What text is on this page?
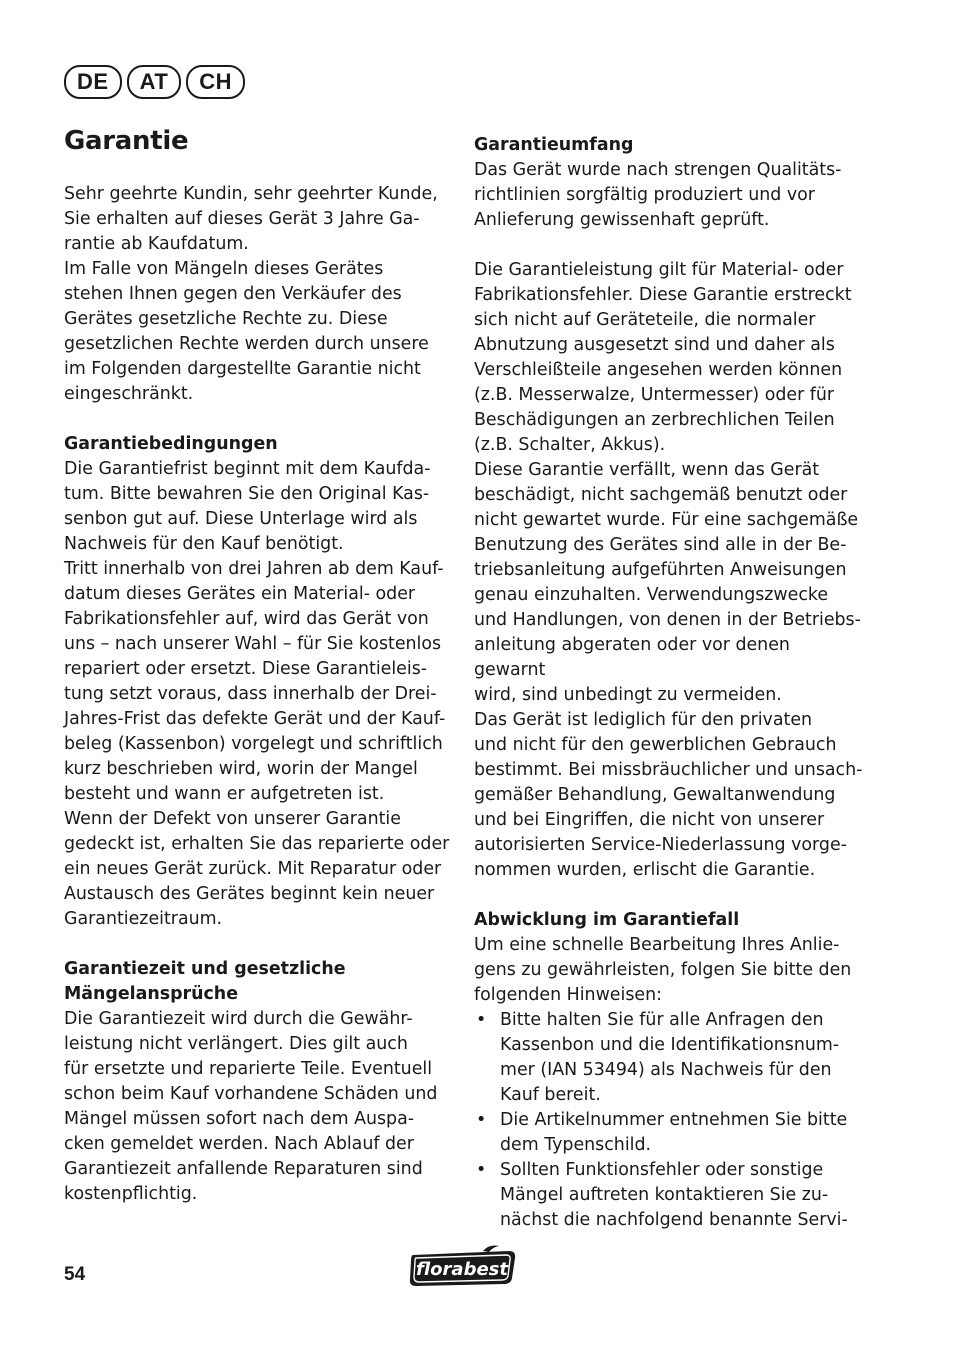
DE	AT	CH
Garantie

Sehr geehrte Kundin, sehr geehrter Kunde,
Sie erhalten auf dieses Gerät 3 Jahre Ga-
rantie ab Kaufdatum.

Im Falle von Mängeln dieses Gerätes
stehen Ihnen gegen den Verkäufer des
Gerätes gesetzliche Rechte zu. Diese
gesetzlichen Rechte werden durch unsere
im Folgenden dargestellte Garantie nicht
eingeschränkt.

Garantiebedingungen

Die Garantiefrist beginnt mit dem Kaufda-
tum. Bitte bewahren Sie den Original Kas-
senbon gut auf. Diese Unterlage wird als
Nachweis für den Kauf benötigt.

Tritt innerhalb von drei Jahren ab dem Kauf-
datum dieses Gerätes ein Material- oder
Fabrikationsfehler auf, wird das Gerät von
uns – nach unserer Wahl – für Sie kostenlos
repariert oder ersetzt. Diese Garantieleis-
tung setzt voraus, dass innerhalb der Drei-
Jahres-Frist das defekte Gerät und der Kauf-
beleg (Kassenbon) vorgelegt und schriftlich
kurz beschrieben wird, worin der Mangel
besteht und wann er aufgetreten ist.

Wenn der Defekt von unserer Garantie
gedeckt ist, erhalten Sie das reparierte oder
ein neues Gerät zurück. Mit Reparatur oder
Austausch des Gerätes beginnt kein neuer
Garantiezeitraum.

Garantiezeit und gesetzliche
Mängelansprüche

Die Garantiezeit wird durch die Gewähr-
leistung nicht verlängert. Dies gilt auch
für ersetzte und reparierte Teile. Eventuell
schon beim Kauf vorhandene Schäden und
Mängel müssen sofort nach dem Auspa-
cken gemeldet werden. Nach Ablauf der
Garantiezeit anfallende Reparaturen sind
kostenpflichtig.

Garantieumfang

Das Gerät wurde nach strengen Qualitäts-
richtlinien sorgfältig produziert und vor
Anlieferung gewissenhaft geprüft.

Die Garantieleistung gilt für Material- oder
Fabrikationsfehler. Diese Garantie erstreckt
sich nicht auf Geräteteile, die normaler
Abnutzung ausgesetzt sind und daher als
Verschleißteile angesehen werden können
(z.B. Messerwalze, Untermesser) oder für
Beschädigungen an zerbrechlichen Teilen
(z.B. Schalter, Akkus).

Diese Garantie verfällt, wenn das Gerät
beschädigt, nicht sachgemäß benutzt oder
nicht gewartet wurde. Für eine sachgemäße
Benutzung des Gerätes sind alle in der Be-
triebsanleitung aufgeführten Anweisungen
genau einzuhalten. Verwendungszwecke
und Handlungen, von denen in der Betriebs-
anleitung abgeraten oder vor denen gewarnt
wird, sind unbedingt zu vermeiden.

Das Gerät ist lediglich für den privaten
und nicht für den gewerblichen Gebrauch
bestimmt. Bei missbräuchlicher und unsach-
gemäßer Behandlung, Gewaltanwendung
und bei Eingriffen, die nicht von unserer
autorisierten Service-Niederlassung vorge-
nommen wurden, erlischt die Garantie.

Abwicklung im Garantiefall

Um eine schnelle Bearbeitung Ihres Anlie-
gens zu gewährleisten, folgen Sie bitte den
folgenden Hinweisen:

• Bitte halten Sie für alle Anfragen den
Kassenbon und die Identifikationsnum-
mer (IAN 53494) als Nachweis für den
Kauf bereit.
• Die Artikelnummer entnehmen Sie bitte
dem Typenschild.
• Sollten Funktionsfehler oder sonstige
Mängel auftreten kontaktieren Sie zu-
nächst die nachfolgend benannte Servi-
54	florabest
